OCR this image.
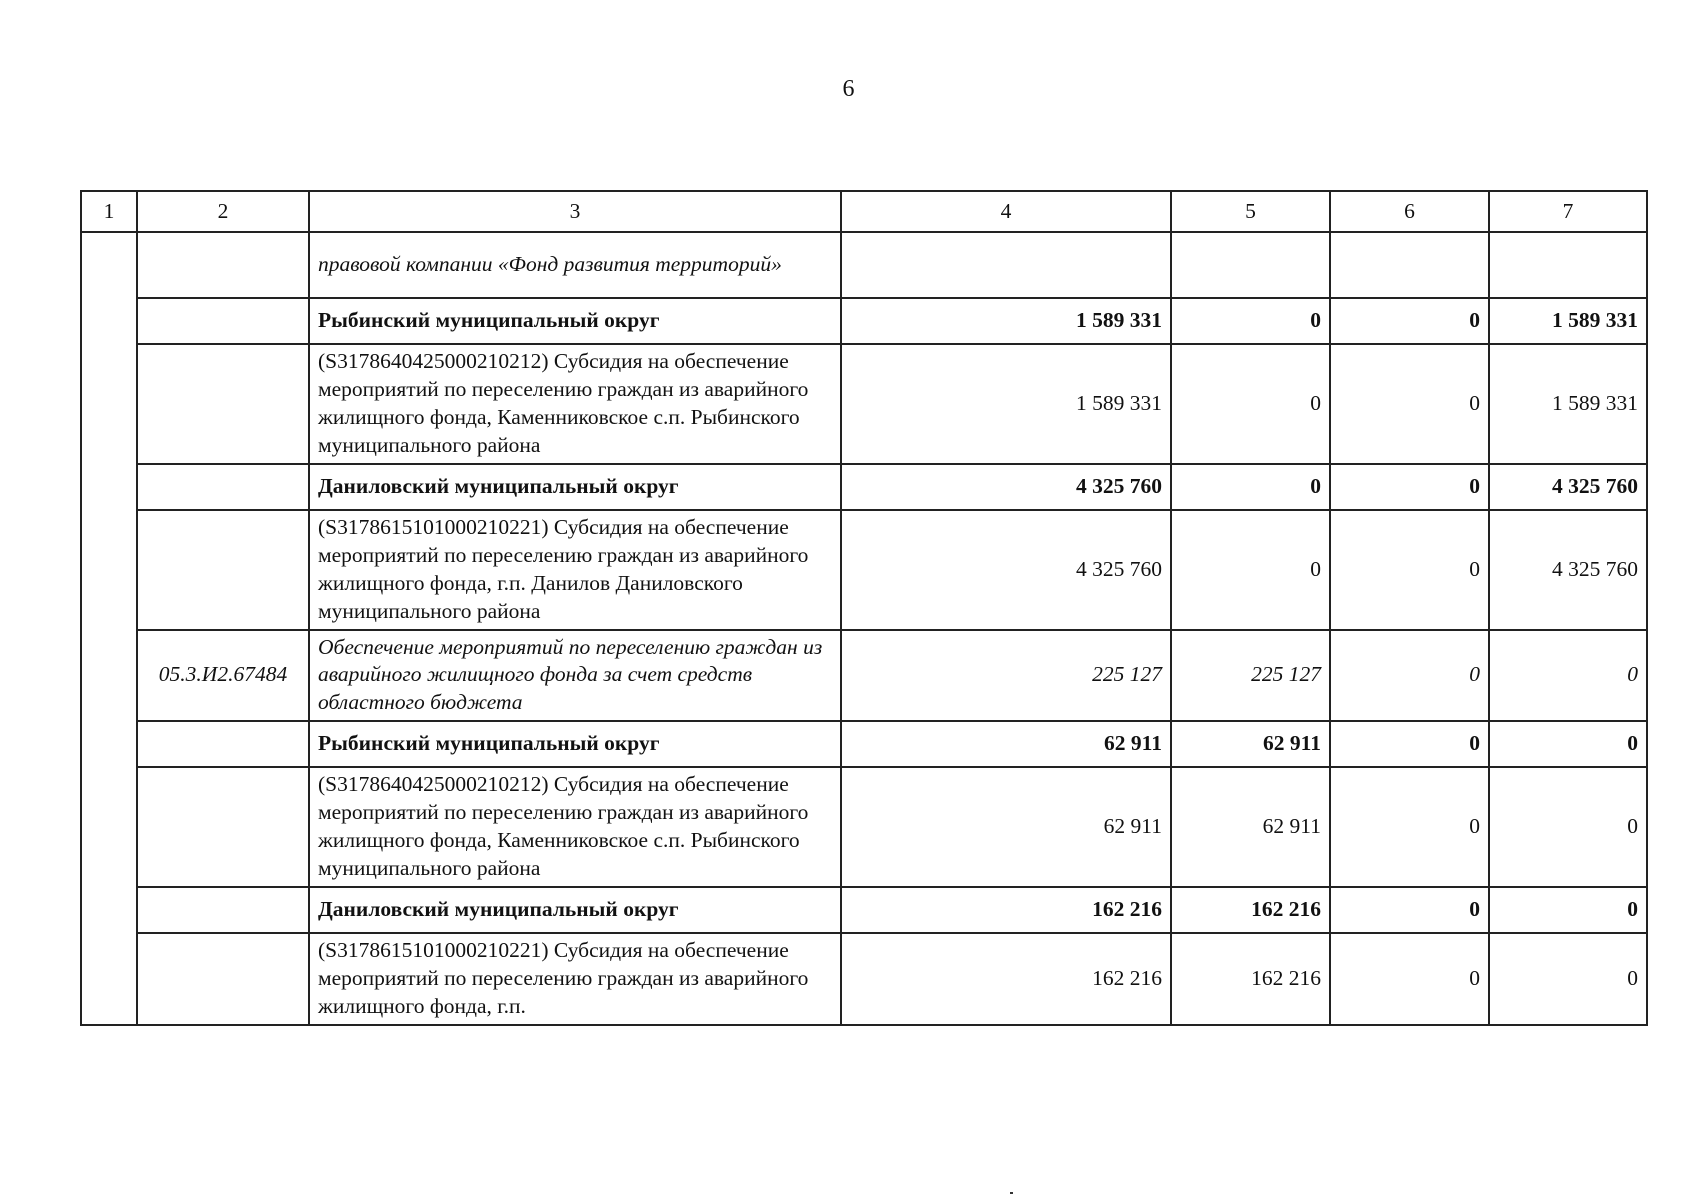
6
1	2	3	4	5	6	7
		правовой компании «Фонд развития территорий»				
		Рыбинский муниципальный округ	1 589 331	0	0	1 589 331
		(S3178640425000210212) Субсидия на обеспечение мероприятий по переселению граждан из аварийного жилищного фонда, Каменниковское с.п. Рыбинского муниципального района	1 589 331	0	0	1 589 331
		Даниловский муниципальный округ	4 325 760	0	0	4 325 760
		(S3178615101000210221) Субсидия на обеспечение мероприятий по переселению граждан из аварийного жилищного фонда, г.п. Данилов Даниловского муниципального района	4 325 760	0	0	4 325 760
	05.3.И2.67484	Обеспечение мероприятий по переселению граждан из аварийного жилищного фонда за счет средств областного бюджета	225 127	225 127	0	0
		Рыбинский муниципальный округ	62 911	62 911	0	0
		(S3178640425000210212) Субсидия на обеспечение мероприятий по переселению граждан из аварийного жилищного фонда, Каменниковское с.п. Рыбинского муниципального района	62 911	62 911	0	0
		Даниловский муниципальный округ	162 216	162 216	0	0
		(S3178615101000210221) Субсидия на обеспечение мероприятий по переселению граждан из аварийного жилищного фонда, г.п.	162 216	162 216	0	0
